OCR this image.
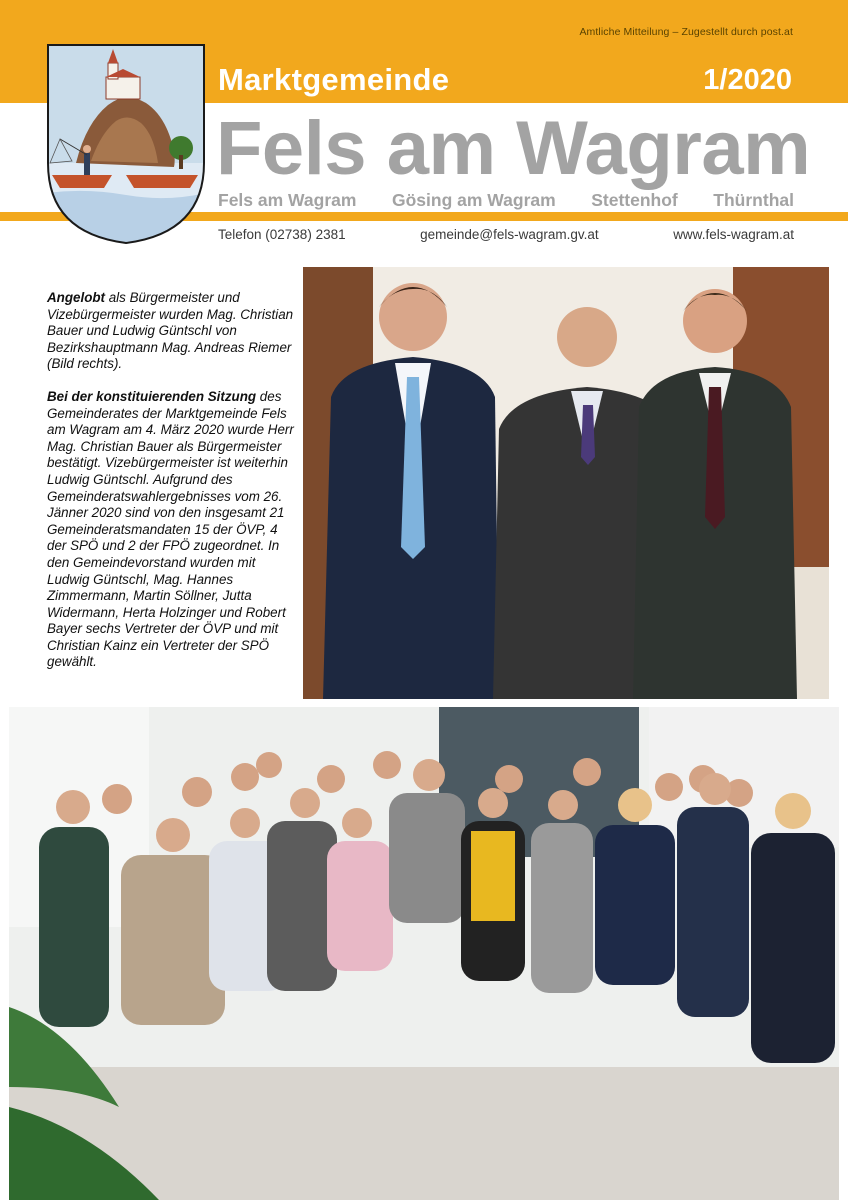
Amtliche Mitteilung – Zugestellt durch post.at
Marktgemeinde	1/2020
Fels am Wagram
Fels am Wagram Gösing am Wagram Stettenhof Thürnthal
Telefon (02738) 2381	gemeinde@fels-wagram.gv.at	www.fels-wagram.at

Angelobt als Bürgermeister und Vizebürgermeister wurden Mag. Christian Bauer und Ludwig Güntschl von Bezirkshauptmann Mag. Andreas Riemer (Bild rechts).

Bei der konstituierenden Sitzung des Gemeinderates der Marktgemeinde Fels am Wagram am 4. März 2020 wurde Herr Mag. Christian Bauer als Bürgermeister bestätigt. Vizebürgermeister ist weiterhin Ludwig Güntschl. Aufgrund des Gemeinderatswahlergebnisses vom 26. Jänner 2020 sind von den insgesamt 21 Gemeinderatsmandaten 15 der ÖVP, 4 der SPÖ und 2 der FPÖ zugeordnet. In den Gemeindevorstand wurden mit Ludwig Güntschl, Mag. Hannes Zimmermann, Martin Söllner, Jutta Widermann, Herta Holzinger und Robert Bayer sechs Vertreter der ÖVP und mit Christian Kainz ein Vertreter der SPÖ gewählt.
